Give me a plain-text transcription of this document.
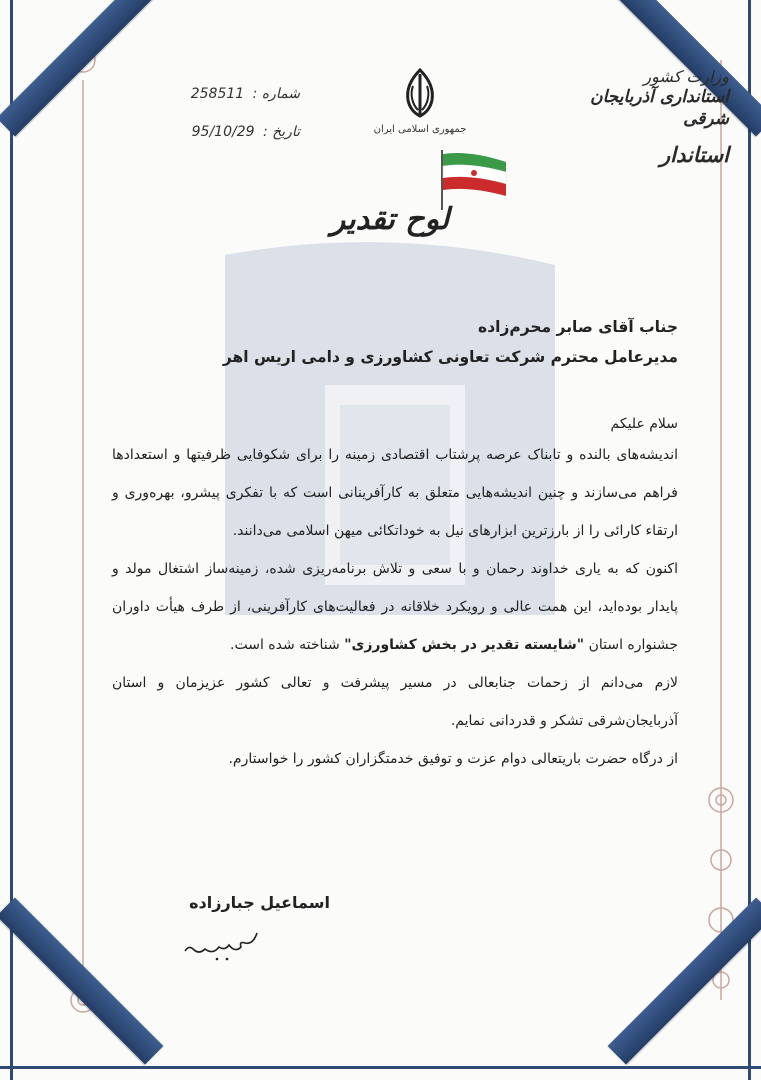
جمهوری اسلامی ایران
وزارت کشور
استانداری آذربایجان شرقی
استاندار
شماره : 258511
تاریخ : 95/10/29
لوح تقدیر
جناب آقای صابر محرم‌زاده
مدیرعامل محترم شرکت تعاونی کشاورزی و دامی اریس اهر
سلام علیکم
اندیشه‌های بالنده و تابناک عرصه پرشتاب اقتصادی زمینه را برای شکوفایی ظرفیتها و استعدادها فراهم می‌سازند و چنین اندیشه‌هایی متعلق به کارآفرینانی است که با تفکری پیشرو، بهره‌وری و ارتقاء کارائی را از بارزترین ابزارهای نیل به خوداتکائی میهن اسلامی می‌دانند.
اکنون که به یاری خداوند رحمان و با سعی و تلاش برنامه‌ریزی شده، زمینه‌ساز اشتغال مولد و پایدار بوده‌اید، این همت عالی و رویکرد خلاقانه در فعالیت‌های کارآفرینی، از طرف هیأت داوران جشنواره استان "شایسته تقدیر در بخش کشاورزی" شناخته شده است.
لازم می‌دانم از زحمات جنابعالی در مسیر پیشرفت و تعالی کشور عزیزمان و استان آذربایجان‌شرقی تشکر و قدردانی نمایم.
از درگاه حضرت باریتعالی دوام عزت و توفیق خدمتگزاران کشور را خواستارم.
اسماعیل جبارزاده
